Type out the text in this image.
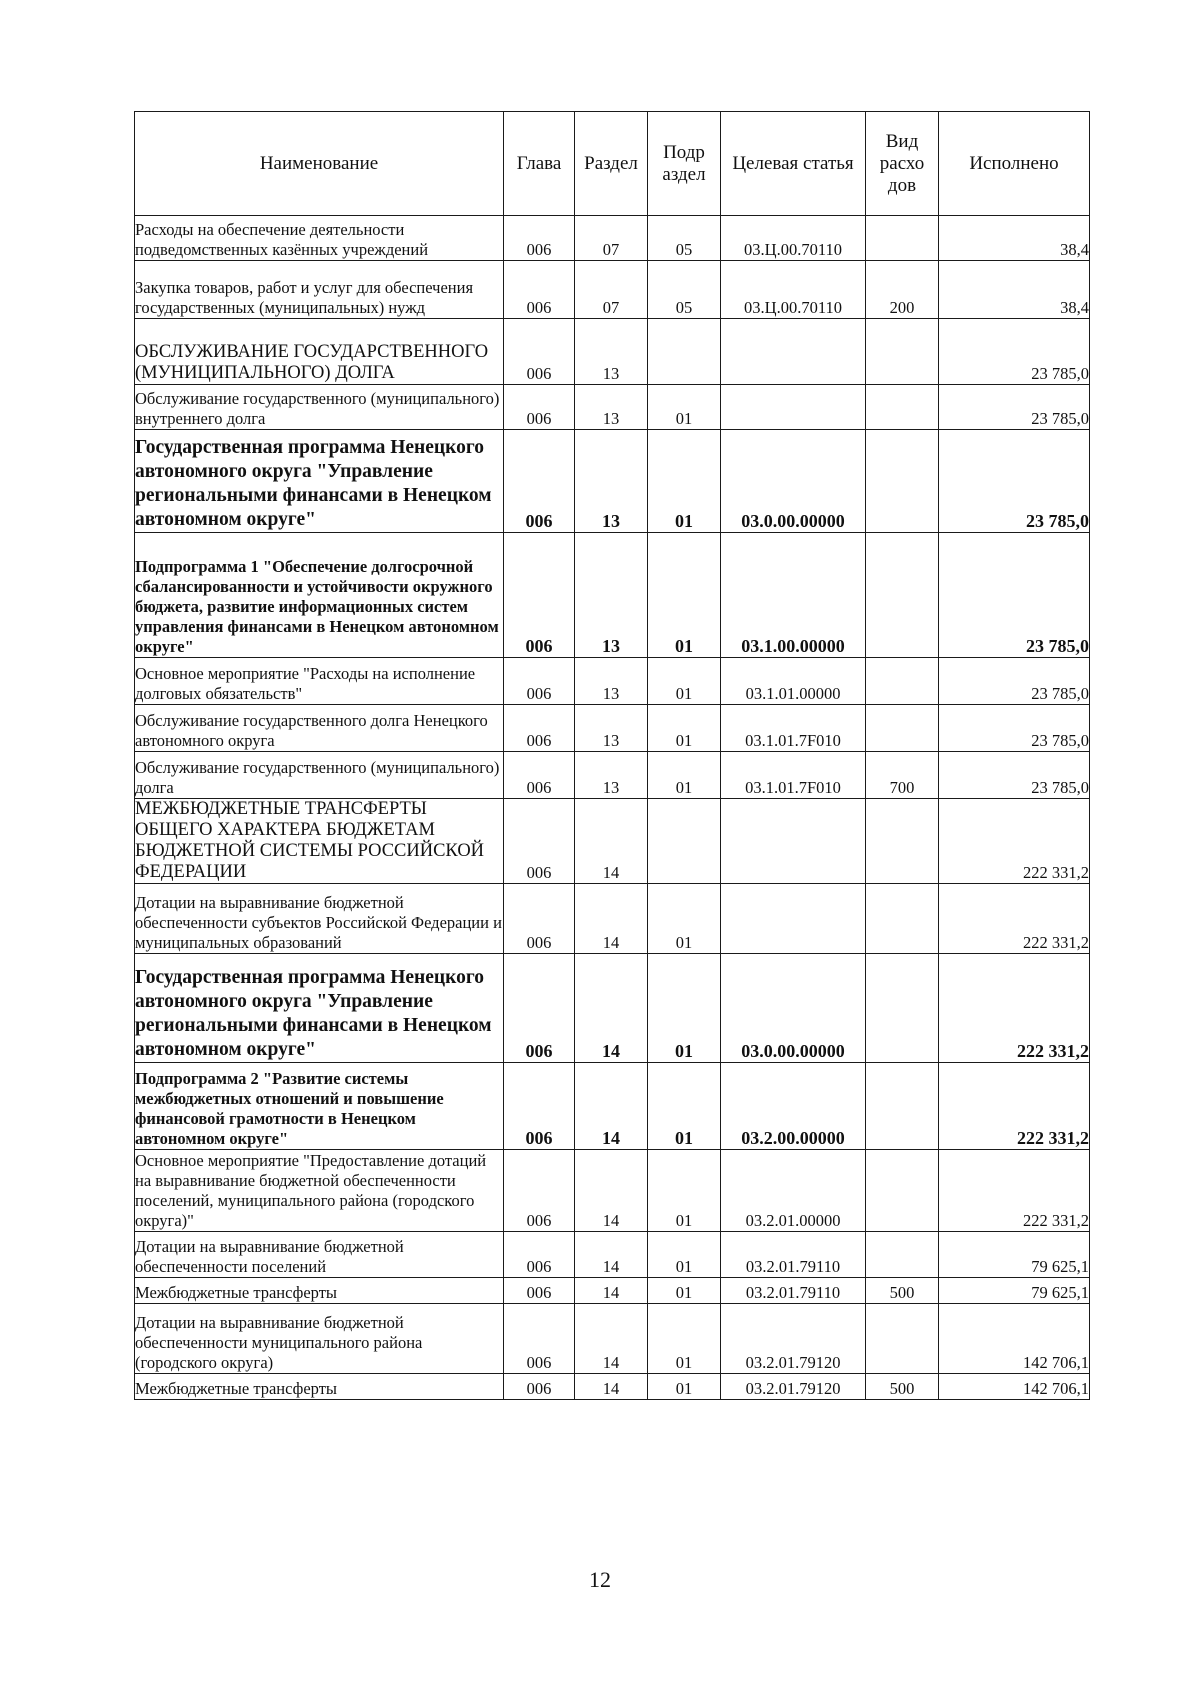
Наименование	Глава	Раздел	Подр аздел	Целевая статья	Вид расхо дов	Исполнено
Расходы на обеспечение деятельности подведомственных казённых учреждений	006	07	05	03.Ц.00.70110		38,4
Закупка товаров, работ и услуг для обеспечения государственных (муниципальных) нужд	006	07	05	03.Ц.00.70110	200	38,4
ОБСЛУЖИВАНИЕ ГОСУДАРСТВЕННОГО (МУНИЦИПАЛЬНОГО) ДОЛГА	006	13				23 785,0
Обслуживание государственного (муниципального) внутреннего долга	006	13	01			23 785,0
Государственная программа Ненецкого автономного округа "Управление региональными финансами в Ненецком автономном округе"	006	13	01	03.0.00.00000		23 785,0
Подпрограмма 1 "Обеспечение долгосрочной сбалансированности и устойчивости окружного бюджета, развитие информационных систем управления финансами в Ненецком автономном округе"	006	13	01	03.1.00.00000		23 785,0
Основное мероприятие "Расходы на исполнение долговых обязательств"	006	13	01	03.1.01.00000		23 785,0
Обслуживание государственного долга Ненецкого автономного округа	006	13	01	03.1.01.7F010		23 785,0
Обслуживание государственного (муниципального) долга	006	13	01	03.1.01.7F010	700	23 785,0
МЕЖБЮДЖЕТНЫЕ ТРАНСФЕРТЫ ОБЩЕГО ХАРАКТЕРА БЮДЖЕТАМ БЮДЖЕТНОЙ СИСТЕМЫ РОССИЙСКОЙ ФЕДЕРАЦИИ	006	14				222 331,2
Дотации на выравнивание бюджетной обеспеченности субъектов Российской Федерации и муниципальных образований	006	14	01			222 331,2
Государственная программа Ненецкого автономного округа "Управление региональными финансами в Ненецком автономном округе"	006	14	01	03.0.00.00000		222 331,2
Подпрограмма 2 "Развитие системы межбюджетных отношений и повышение финансовой грамотности в Ненецком автономном округе"	006	14	01	03.2.00.00000		222 331,2
Основное мероприятие "Предоставление дотаций на выравнивание бюджетной обеспеченности поселений, муниципального района (городского округа)"	006	14	01	03.2.01.00000		222 331,2
Дотации на выравнивание бюджетной обеспеченности поселений	006	14	01	03.2.01.79110		79 625,1
Межбюджетные трансферты	006	14	01	03.2.01.79110	500	79 625,1
Дотации на выравнивание бюджетной обеспеченности муниципального района (городского округа)	006	14	01	03.2.01.79120		142 706,1
Межбюджетные трансферты	006	14	01	03.2.01.79120	500	142 706,1
12
